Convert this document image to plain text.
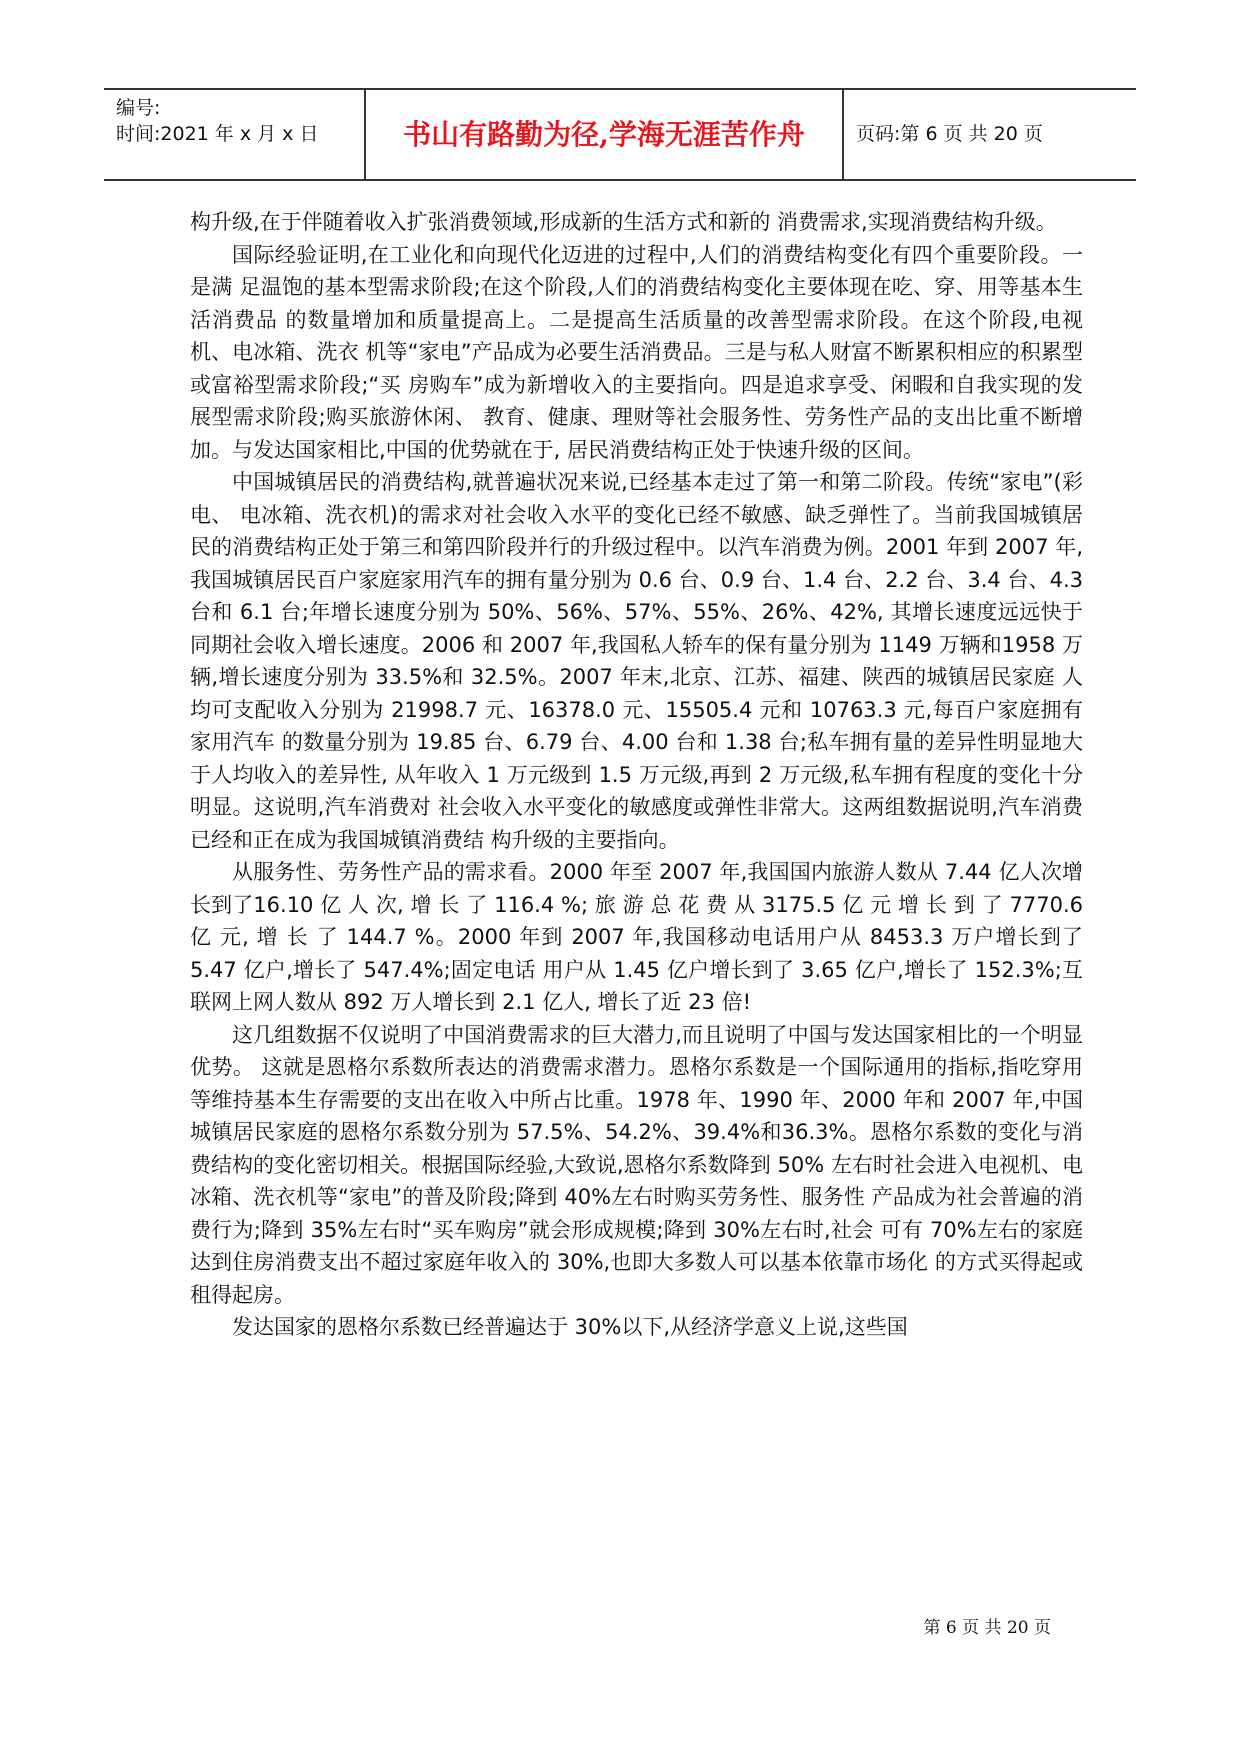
编号:
时间:2021 年 x 月 x 日	书山有路勤为径,学海无涯苦作舟	页码:第 6 页 共 20 页

构升级,在于伴随着收入扩张消费领域,形成新的生活方式和新的 消费需求,实现消费结构升级。

国际经验证明,在工业化和向现代化迈进的过程中,人们的消费结构变化有四个重要阶段。一是满 足温饱的基本型需求阶段;在这个阶段,人们的消费结构变化主要体现在吃、穿、用等基本生活消费品 的数量增加和质量提高上。二是提高生活质量的改善型需求阶段。在这个阶段,电视机、电冰箱、洗衣 机等“家电”产品成为必要生活消费品。三是与私人财富不断累积相应的积累型或富裕型需求阶段;“买 房购车”成为新增收入的主要指向。四是追求享受、闲暇和自我实现的发展型需求阶段;购买旅游休闲、 教育、健康、理财等社会服务性、劳务性产品的支出比重不断增加。与发达国家相比,中国的优势就在于, 居民消费结构正处于快速升级的区间。

中国城镇居民的消费结构,就普遍状况来说,已经基本走过了第一和第二阶段。传统“家电”(彩电、 电冰箱、洗衣机)的需求对社会收入水平的变化已经不敏感、缺乏弹性了。当前我国城镇居民的消费结构正处于第三和第四阶段并行的升级过程中。以汽车消费为例。2001 年到 2007 年,我国城镇居民百户家庭家用汽车的拥有量分别为 0.6 台、0.9 台、1.4 台、2.2 台、3.4 台、4.3 台和 6.1 台;年增长速度分别为 50%、56%、57%、55%、26%、42%, 其增长速度远远快于同期社会收入增长速度。2006 和 2007 年,我国私人轿车的保有量分别为 1149 万辆和1958 万辆,增长速度分别为 33.5%和 32.5%。2007 年末,北京、江苏、福建、陕西的城镇居民家庭 人均可支配收入分别为 21998.7 元、16378.0 元、15505.4 元和 10763.3 元,每百户家庭拥有家用汽车 的数量分别为 19.85 台、6.79 台、4.00 台和 1.38 台;私车拥有量的差异性明显地大于人均收入的差异性, 从年收入 1 万元级到 1.5 万元级,再到 2 万元级,私车拥有程度的变化十分明显。这说明,汽车消费对 社会收入水平变化的敏感度或弹性非常大。这两组数据说明,汽车消费已经和正在成为我国城镇消费结 构升级的主要指向。

从服务性、劳务性产品的需求看。2000 年至 2007 年,我国国内旅游人数从 7.44 亿人次增长到了16.10 亿 人 次, 增 长 了 116.4 %; 旅 游 总 花 费 从 3175.5 亿 元 增 长 到 了 7770.6 亿 元, 增 长 了 144.7 %。2000 年到 2007 年,我国移动电话用户从 8453.3 万户增长到了 5.47 亿户,增长了 547.4%;固定电话 用户从 1.45 亿户增长到了 3.65 亿户,增长了 152.3%;互联网上网人数从 892 万人增长到 2.1 亿人, 增长了近 23 倍!

这几组数据不仅说明了中国消费需求的巨大潜力,而且说明了中国与发达国家相比的一个明显优势。 这就是恩格尔系数所表达的消费需求潜力。恩格尔系数是一个国际通用的指标,指吃穿用等维持基本生存需要的支出在收入中所占比重。1978 年、1990 年、2000 年和 2007 年,中国城镇居民家庭的恩格尔系数分别为 57.5%、54.2%、39.4%和36.3%。恩格尔系数的变化与消费结构的变化密切相关。根据国际经验,大致说,恩格尔系数降到 50% 左右时社会进入电视机、电冰箱、洗衣机等“家电”的普及阶段;降到 40%左右时购买劳务性、服务性 产品成为社会普遍的消费行为;降到 35%左右时“买车购房”就会形成规模;降到 30%左右时,社会 可有 70%左右的家庭达到住房消费支出不超过家庭年收入的 30%,也即大多数人可以基本依靠市场化 的方式买得起或租得起房。

发达国家的恩格尔系数已经普遍达于 30%以下,从经济学意义上说,这些国

第 6 页 共 20 页
